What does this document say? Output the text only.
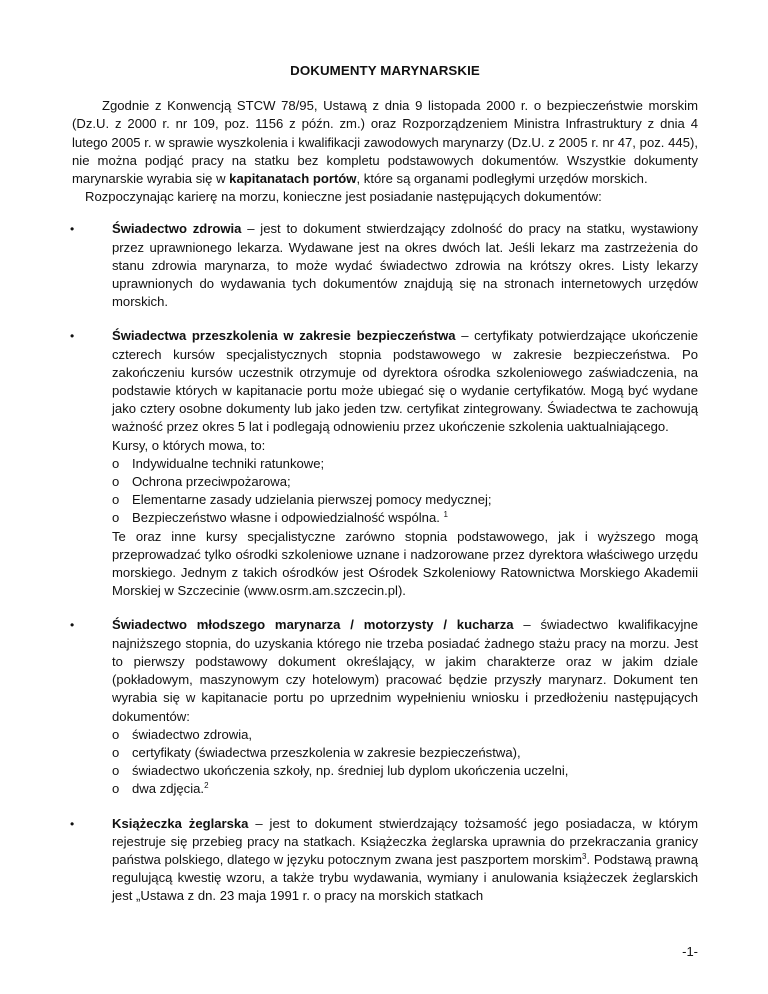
DOKUMENTY MARYNARSKIE

Zgodnie z Konwencją STCW 78/95, Ustawą z dnia 9 listopada 2000 r. o bezpieczeństwie morskim (Dz.U. z 2000 r. nr 109, poz. 1156 z późn. zm.) oraz Rozporządzeniem Ministra Infrastruktury z dnia 4 lutego 2005 r. w sprawie wyszkolenia i kwalifikacji zawodowych marynarzy (Dz.U. z 2005 r. nr 47, poz. 445), nie można podjąć pracy na statku bez kompletu podstawowych dokumentów. Wszystkie dokumenty marynarskie wyrabia się w kapitanatach portów, które są organami podległymi urzędów morskich.

Rozpoczynając karierę na morzu, konieczne jest posiadanie następujących dokumentów:

•	Świadectwo zdrowia – jest to dokument stwierdzający zdolność do pracy na statku, wystawiony przez uprawnionego lekarza. Wydawane jest na okres dwóch lat. Jeśli lekarz ma zastrzeżenia do stanu zdrowia marynarza, to może wydać świadectwo zdrowia na krótszy okres. Listy lekarzy uprawnionych do wydawania tych dokumentów znajdują się na stronach internetowych urzędów morskich.
•	Świadectwa przeszkolenia w zakresie bezpieczeństwa – certyfikaty potwierdzające ukończenie czterech kursów specjalistycznych stopnia podstawowego w zakresie bezpieczeństwa. Po zakończeniu kursów uczestnik otrzymuje od dyrektora ośrodka szkoleniowego zaświadczenia, na podstawie których w kapitanacie portu może ubiegać się o wydanie certyfikatów. Mogą być wydane jako cztery osobne dokumenty lub jako jeden tzw. certyfikat zintegrowany. Świadectwa te zachowują ważność przez okres 5 lat i podlegają odnowieniu przez ukończenie szkolenia uaktualniającego.
Kursy, o których mowa, to:
o Indywidualne techniki ratunkowe;
o Ochrona przeciwpożarowa;
o Elementarne zasady udzielania pierwszej pomocy medycznej;
o Bezpieczeństwo własne i odpowiedzialność wspólna. $^1$
Te oraz inne kursy specjalistyczne zarówno stopnia podstawowego, jak i wyższego mogą przeprowadzać tylko ośrodki szkoleniowe uznane i nadzorowane przez dyrektora właściwego urzędu morskiego. Jednym z takich ośrodków jest Ośrodek Szkoleniowy Ratownictwa Morskiego Akademii Morskiej w Szczecinie (www.osrm.am.szczecin.pl).
•	Świadectwo młodszego marynarza / motorzysty / kucharza – świadectwo kwalifikacyjne najniższego stopnia, do uzyskania którego nie trzeba posiadać żadnego stażu pracy na morzu. Jest to pierwszy podstawowy dokument określający, w jakim charakterze oraz w jakim dziale (pokładowym, maszynowym czy hotelowym) pracować będzie przyszły marynarz. Dokument ten wyrabia się w kapitanacie portu po uprzednim wypełnieniu wniosku i przedłożeniu następujących dokumentów:
o świadectwo zdrowia,
o certyfikaty (świadectwa przeszkolenia w zakresie bezpieczeństwa),
o świadectwo ukończenia szkoły, np. średniej lub dyplom ukończenia uczelni,
o dwa zdjęcia.$^2$
•	Książeczka żeglarska – jest to dokument stwierdzający tożsamość jego posiadacza, w którym rejestruje się przebieg pracy na statkach. Książeczka żeglarska uprawnia do przekraczania granicy państwa polskiego, dlatego w języku potocznym zwana jest paszportem morskim$^3$. Podstawą prawną regulującą kwestię wzoru, a także trybu wydawania, wymiany i anulowania książeczek żeglarskich jest „Ustawa z dn. 23 maja 1991 r. o pracy na morskich statkach
-1-
